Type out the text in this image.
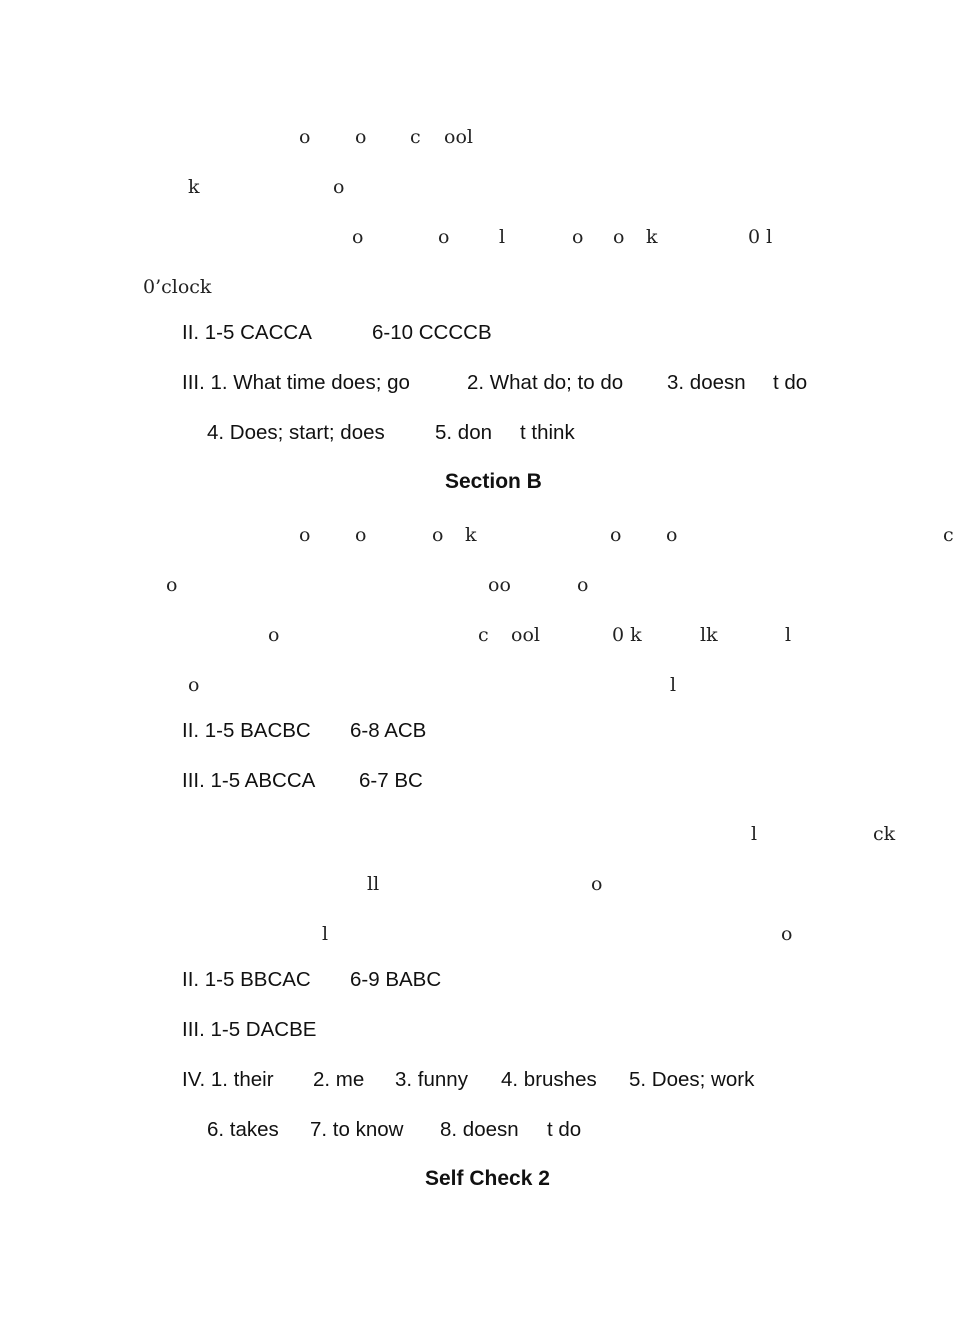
o o c ool
k	o
o	o	l	o o k	0 l
0’clock
II. 1-5 CACCA	6-10 CCCCB
III. 1. What time does; go	2. What do; to do 3. doesn t do
4. Does; start; does 5. don t think
Section B
o o	o k	o o	c
o	oo	o
o	c ool	0 k	lk	l
o	l
II. 1-5 BACBC 6-8 ACB
III. 1-5 ABCCA 6-7 BC
l	ck
ll	o
l	o
II. 1-5 BBCAC 6-9 BABC
III. 1-5 DACBE
IV. 1. their 2. me 3. funny 4. brushes 5. Does; work
6. takes 7. to know 8. doesn t do
Self Check 2
